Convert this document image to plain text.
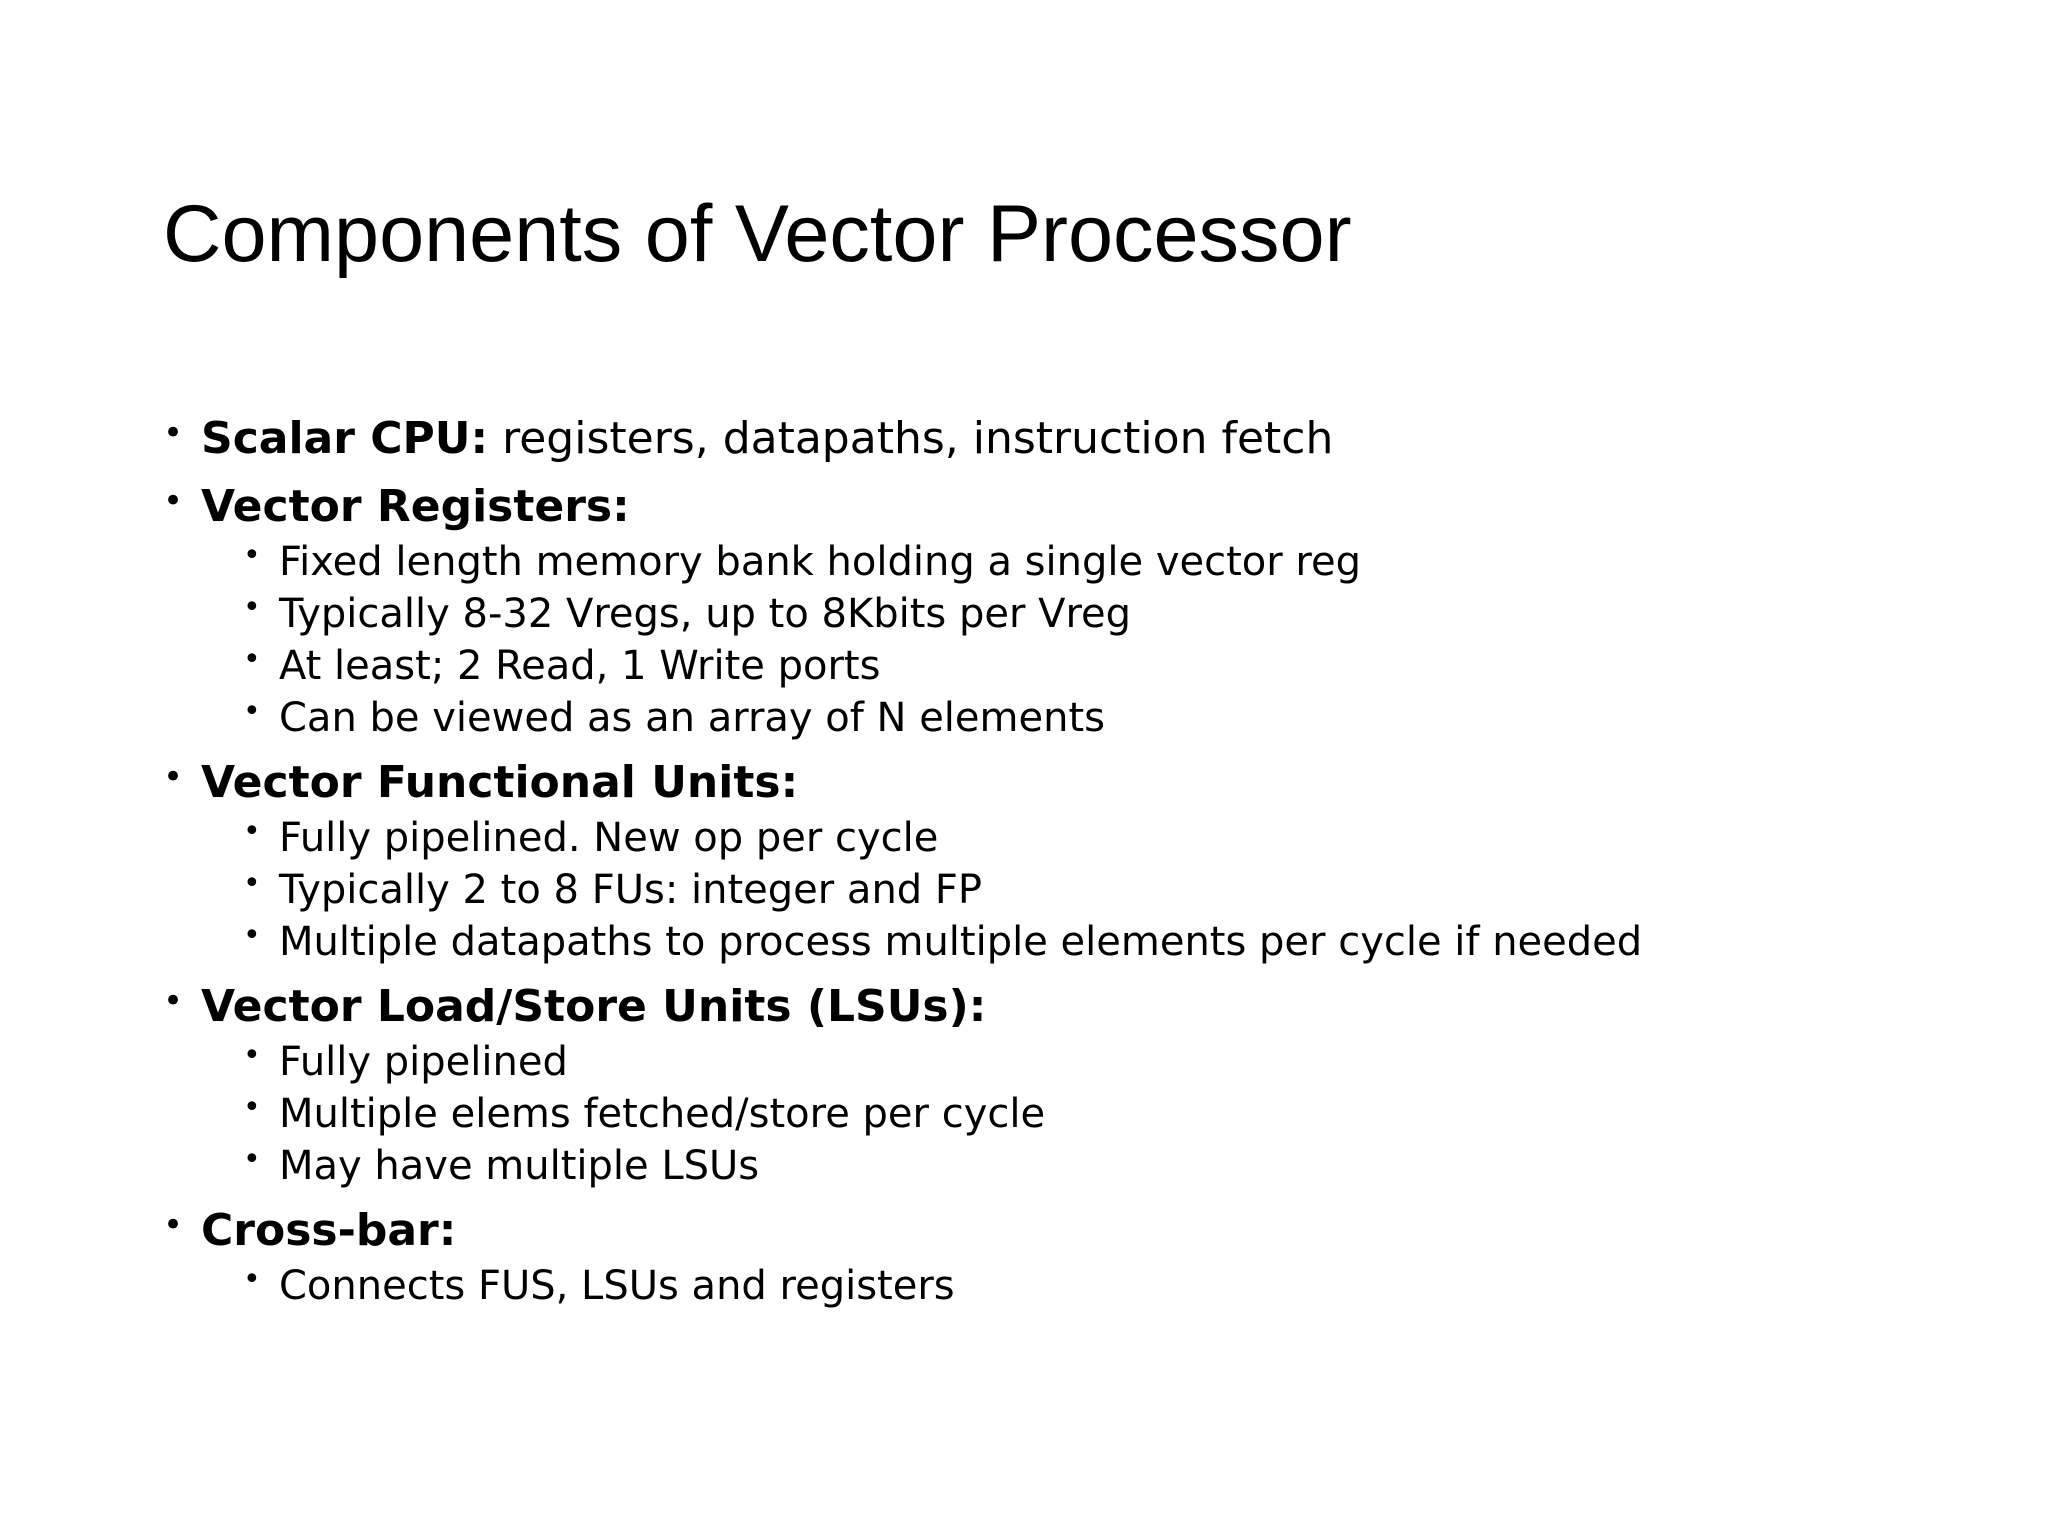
Components of Vector Processor
• Scalar CPU: registers, datapaths, instruction fetch
• Vector Registers:
• Fixed length memory bank holding a single vector reg
• Typically 8-32 Vregs, up to 8Kbits per Vreg
• At least; 2 Read, 1 Write ports
• Can be viewed as an array of N elements
• Vector Functional Units:
• Fully pipelined. New op per cycle
• Typically 2 to 8 FUs: integer and FP
• Multiple datapaths to process multiple elements per cycle if needed
• Vector Load/Store Units (LSUs):
• Fully pipelined
• Multiple elems fetched/store per cycle
• May have multiple LSUs
• Cross-bar:
• Connects FUS, LSUs and registers
